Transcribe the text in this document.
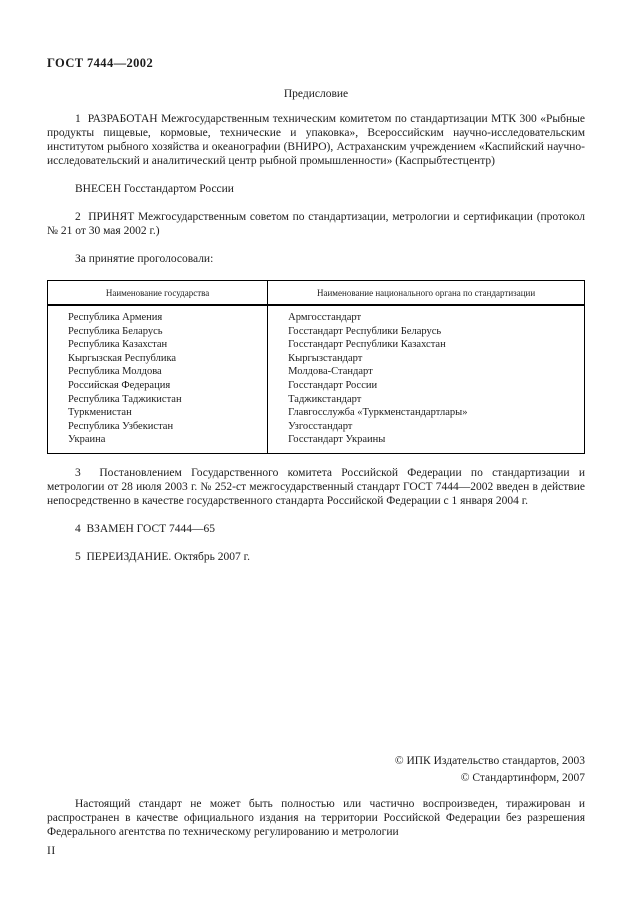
ГОСТ 7444—2002
Предисловие

1  РАЗРАБОТАН Межгосударственным техническим комитетом по стандартизации МТК 300 «Рыбные продукты пищевые, кормовые, технические и упаковка», Всероссийским научно-исследовательским институтом рыбного хозяйства и океанографии (ВНИРО), Астраханским учреждением «Каспийский научно-исследовательский и аналитический центр рыбной промышленности» (Каспрыбтестцентр)

ВНЕСЕН Госстандартом России

2  ПРИНЯТ Межгосударственным советом по стандартизации, метрологии и сертификации (протокол № 21 от 30 мая 2002 г.)

За принятие проголосовали:

Наименование государства	Наименование национального органа по стандартизации
Республика Армения	Армгосстандарт
Республика Беларусь	Госстандарт Республики Беларусь
Республика Казахстан	Госстандарт Республики Казахстан
Кыргызская Республика	Кыргызстандарт
Республика Молдова	Молдова-Стандарт
Российская Федерация	Госстандарт России
Республика Таджикистан	Таджикстандарт
Туркменистан	Главгосслужба «Туркменстандартлары»
Республика Узбекистан	Узгосстандарт
Украина	Госстандарт Украины

3  Постановлением Государственного комитета Российской Федерации по стандартизации и метрологии от 28 июля 2003 г. № 252-ст межгосударственный стандарт ГОСТ 7444—2002 введен в действие непосредственно в качестве государственного стандарта Российской Федерации с 1 января 2004 г.

4  ВЗАМЕН ГОСТ 7444—65

5  ПЕРЕИЗДАНИЕ. Октябрь 2007 г.

© ИПК Издательство стандартов, 2003
© Стандартинформ, 2007

Настоящий стандарт не может быть полностью или частично воспроизведен, тиражирован и распространен в качестве официального издания на территории Российской Федерации без разрешения Федерального агентства по техническому регулированию и метрологии

II
